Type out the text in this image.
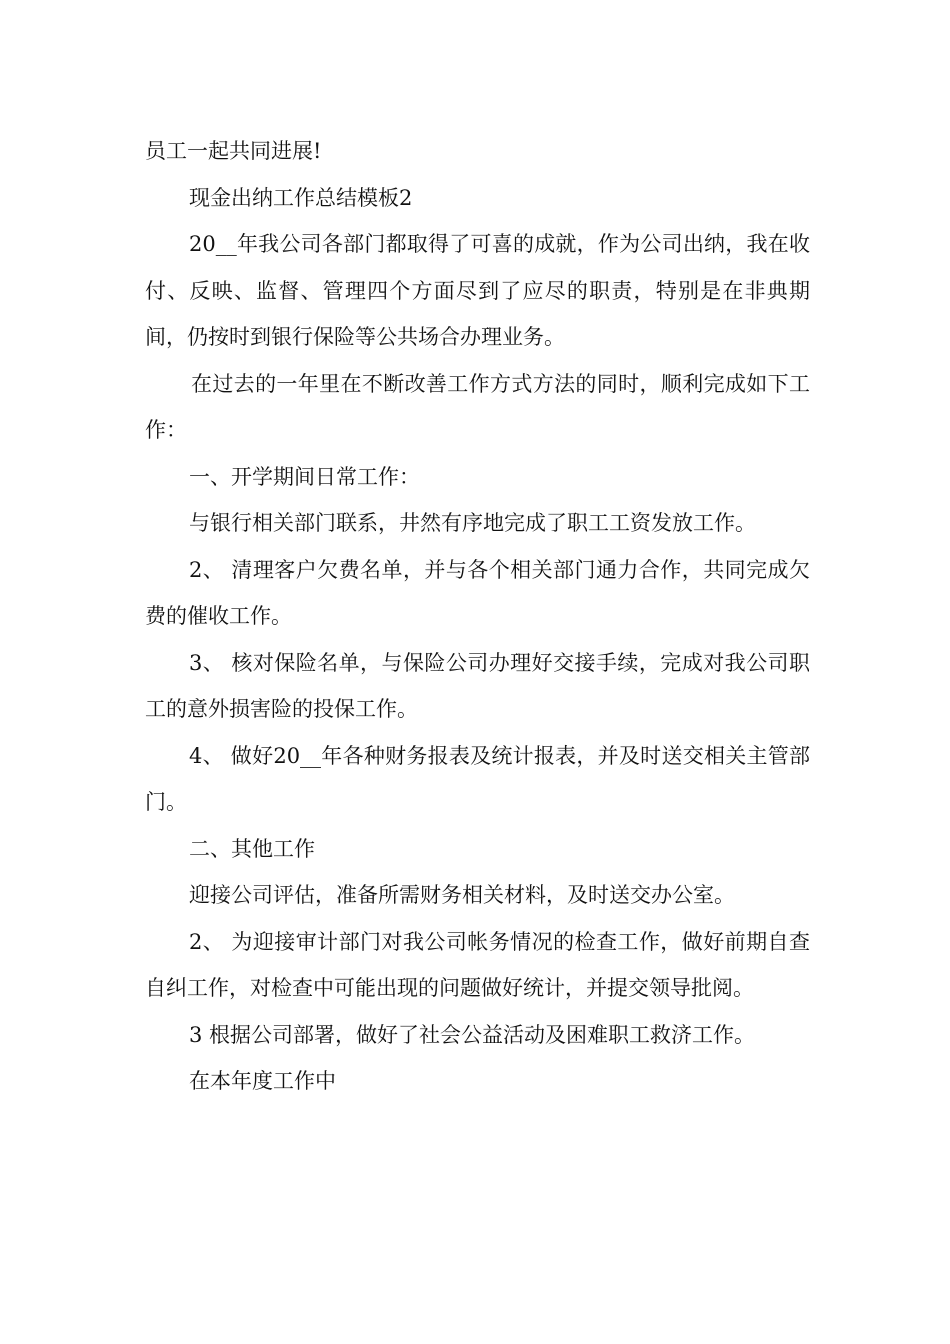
员工一起共同进展!

现金出纳工作总结模板2

20__年我公司各部门都取得了可喜的成就，作为公司出纳，我在收付、反映、监督、管理四个方面尽到了应尽的职责，特别是在非典期间，仍按时到银行保险等公共场合办理业务。

在过去的一年里在不断改善工作方式方法的同时，顺利完成如下工作：

一、开学期间日常工作：

与银行相关部门联系，井然有序地完成了职工工资发放工作。

2、 清理客户欠费名单，并与各个相关部门通力合作，共同完成欠费的催收工作。

3、 核对保险名单，与保险公司办理好交接手续，完成对我公司职工的意外损害险的投保工作。

4、 做好20__年各种财务报表及统计报表，并及时送交相关主管部门。

二、其他工作

迎接公司评估，准备所需财务相关材料，及时送交办公室。

2、 为迎接审计部门对我公司帐务情况的检查工作，做好前期自查自纠工作，对检查中可能出现的问题做好统计，并提交领导批阅。

3 根据公司部署，做好了社会公益活动及困难职工救济工作。

在本年度工作中
